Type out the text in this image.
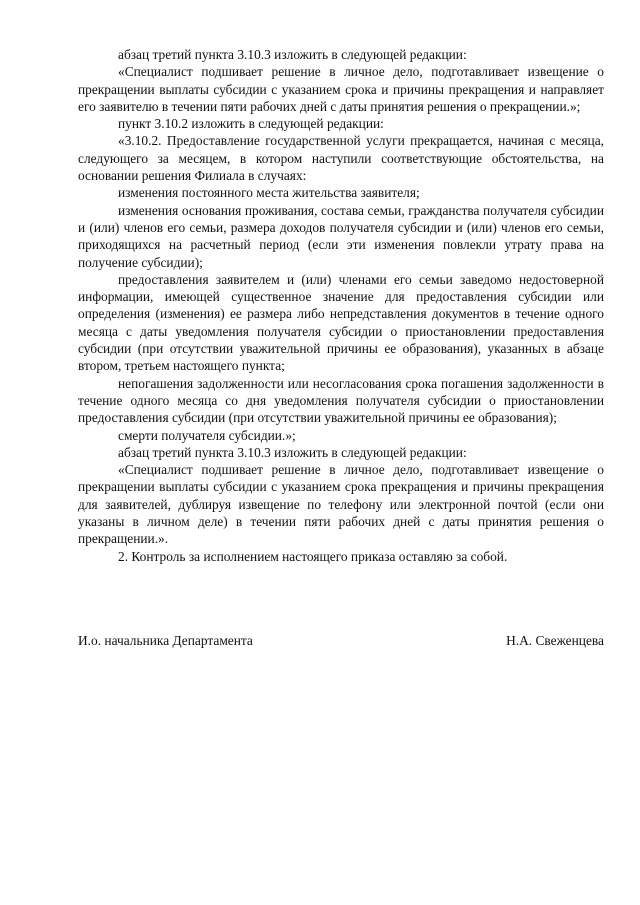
абзац третий пункта 3.10.3 изложить в следующей редакции:

«Специалист подшивает решение в личное дело, подготавливает извещение о прекращении выплаты субсидии с указанием срока и причины прекращения и направляет его заявителю в течении пяти рабочих дней с даты принятия решения о прекращении.»;

пункт 3.10.2 изложить в следующей редакции:

«3.10.2. Предоставление государственной услуги прекращается, начиная с месяца, следующего за месяцем, в котором наступили соответствующие обстоятельства, на основании решения Филиала в случаях:

изменения постоянного места жительства заявителя;

изменения основания проживания, состава семьи, гражданства получателя субсидии и (или) членов его семьи, размера доходов получателя субсидии и (или) членов его семьи, приходящихся на расчетный период (если эти изменения повлекли утрату права на получение субсидии);

предоставления заявителем и (или) членами его семьи заведомо недостоверной информации, имеющей существенное значение для предоставления субсидии или определения (изменения) ее размера либо непредставления документов в течение одного месяца с даты уведомления получателя субсидии о приостановлении предоставления субсидии (при отсутствии уважительной причины ее образования), указанных в абзаце втором, третьем настоящего пункта;

непогашения задолженности или несогласования срока погашения задолженности в течение одного месяца со дня уведомления получателя субсидии о приостановлении предоставления субсидии (при отсутствии уважительной причины ее образования);

смерти получателя субсидии.»;

абзац третий пункта 3.10.3 изложить в следующей редакции:

«Специалист подшивает решение в личное дело, подготавливает извещение о прекращении выплаты субсидии с указанием срока прекращения и причины прекращения для заявителей, дублируя извещение по телефону или электронной почтой (если они указаны в личном деле) в течении пяти рабочих дней с даты принятия решения о прекращении.».

2. Контроль за исполнением настоящего приказа оставляю за собой.

И.о. начальника Департамента	Н.А. Свеженцева
